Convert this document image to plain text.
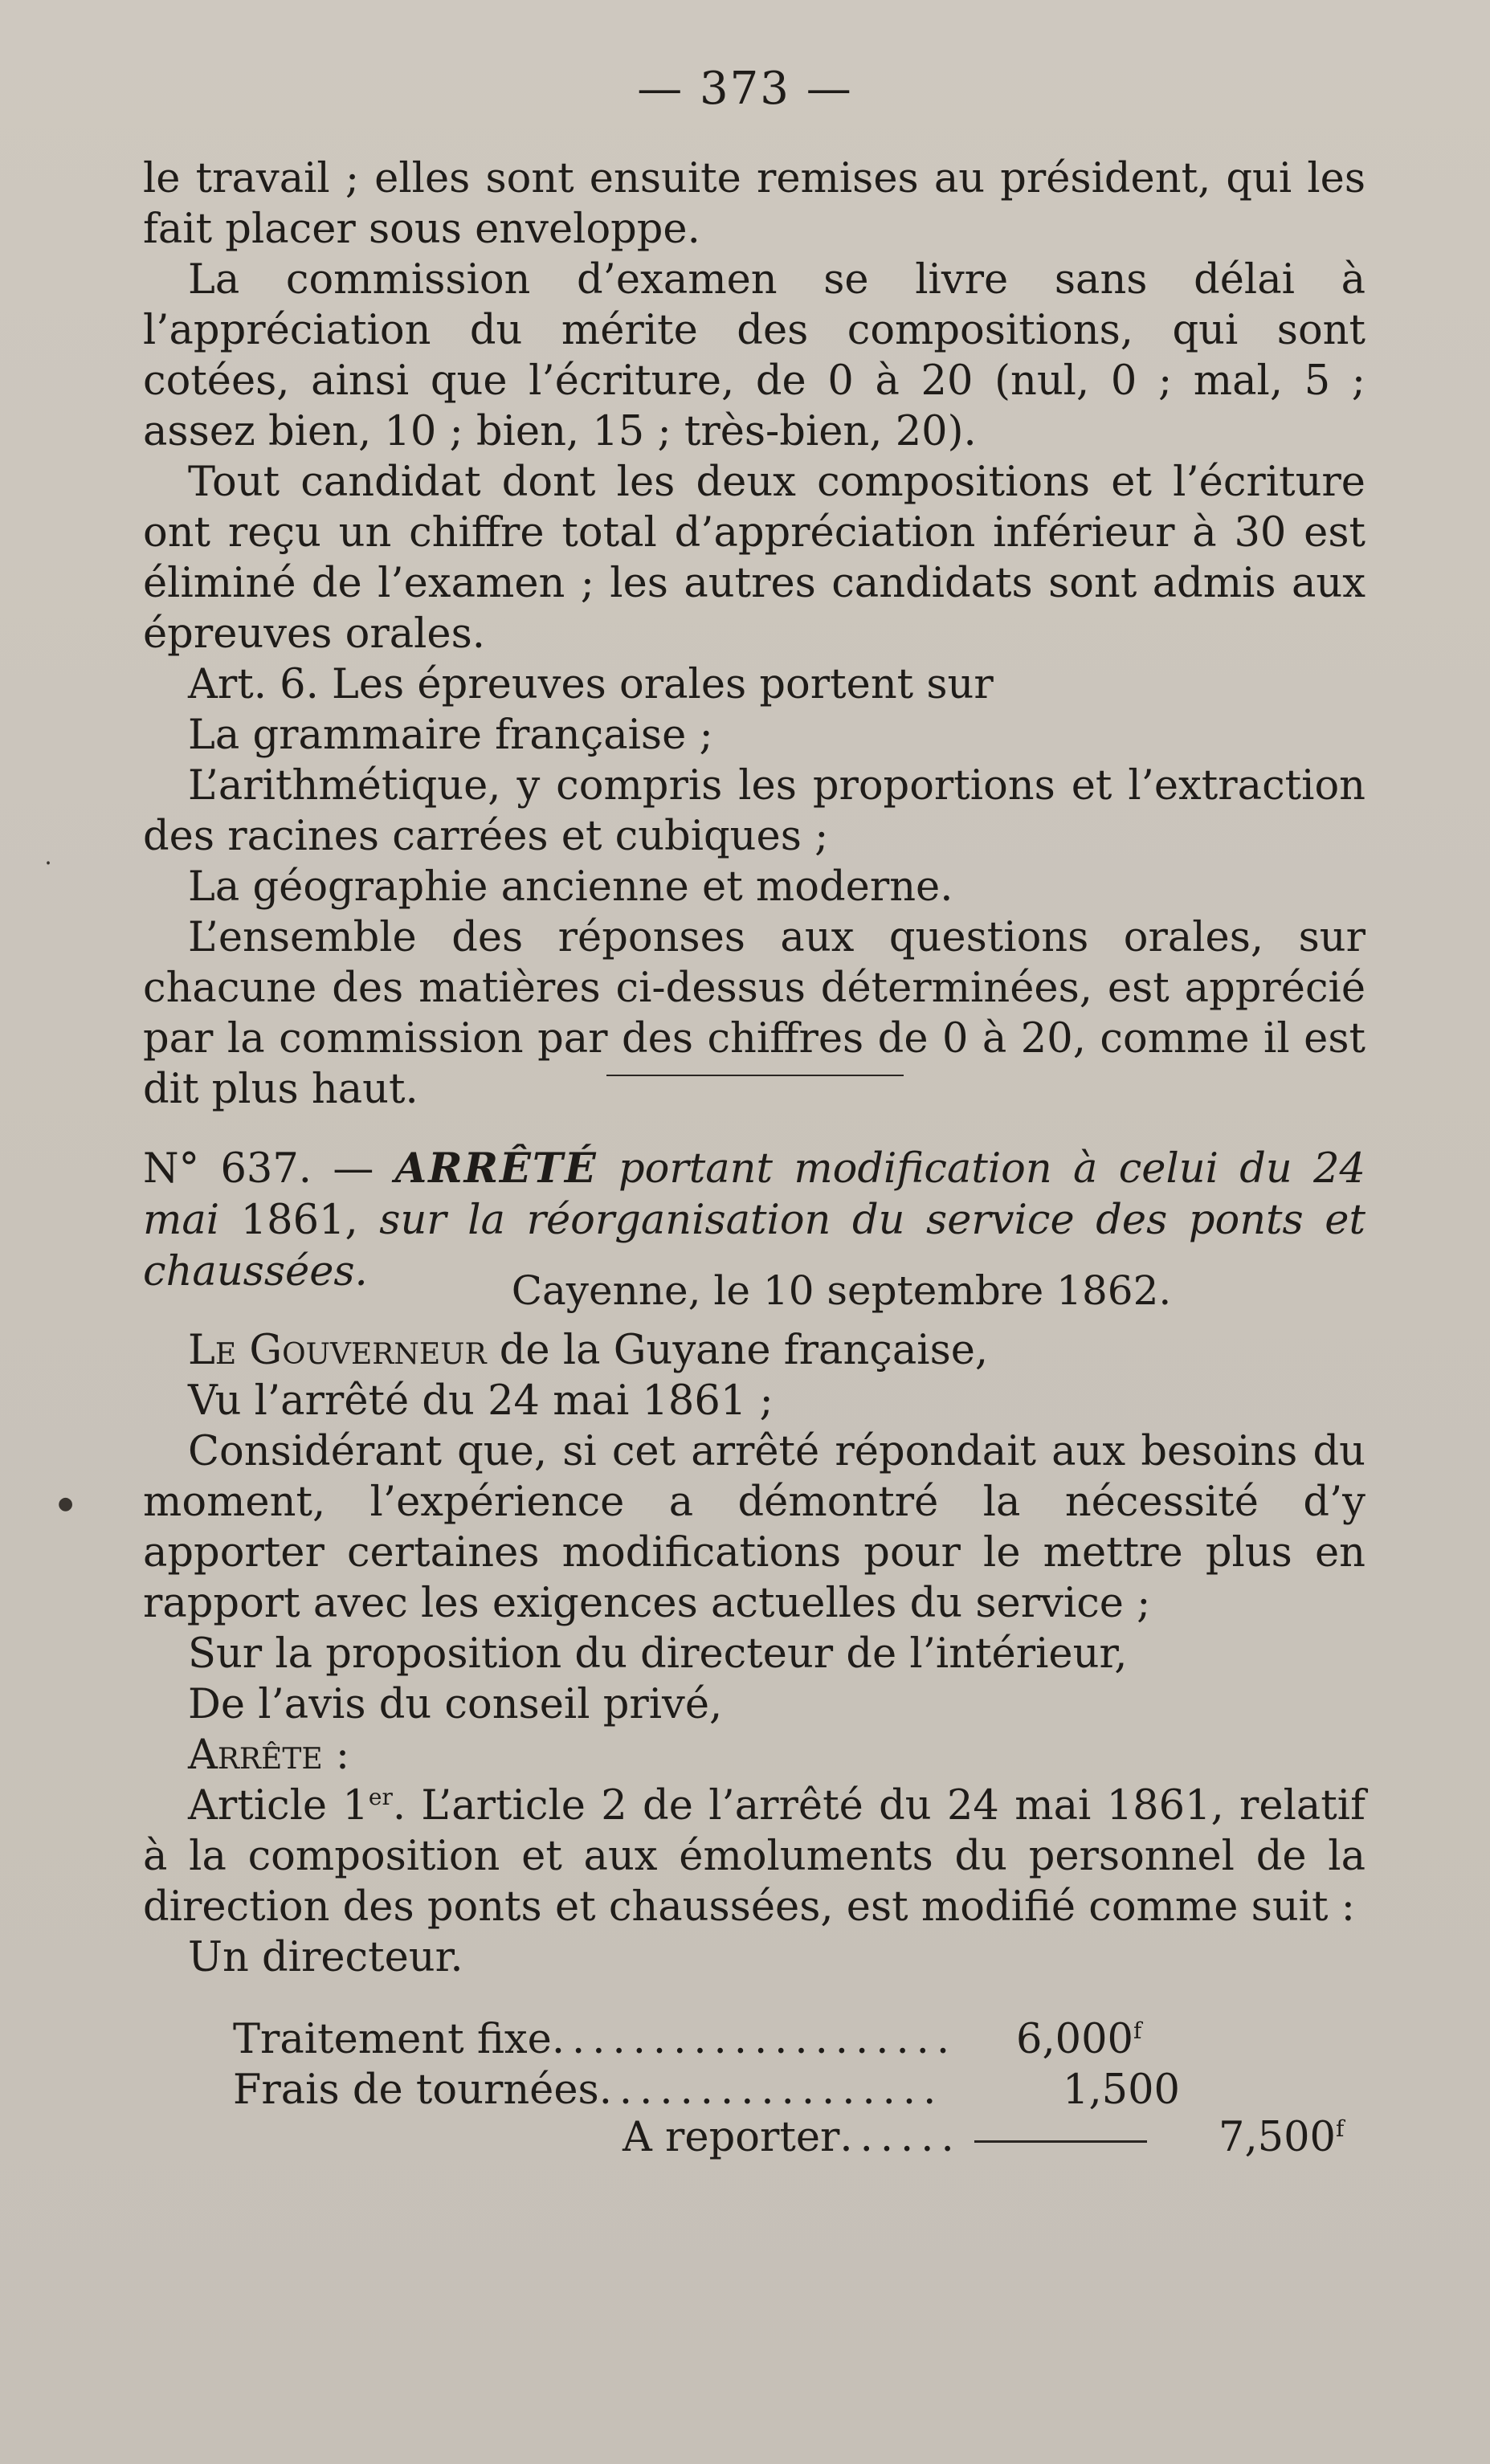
— 373 —

le travail ; elles sont ensuite remises au président, qui les fait placer sous enveloppe.

La commission d’examen se livre sans délai à l’appréciation du mérite des compositions, qui sont cotées, ainsi que l’écriture, de 0 à 20 (nul, 0 ; mal, 5 ; assez bien, 10 ; bien, 15 ; très-bien, 20).

Tout candidat dont les deux compositions et l’écriture ont reçu un chiffre total d’appréciation inférieur à 30 est éliminé de l’examen ; les autres candidats sont admis aux épreuves orales.

Art. 6. Les épreuves orales portent sur

La grammaire française ;

L’arithmétique, y compris les proportions et l’extraction des racines carrées et cubiques ;

La géographie ancienne et moderne.

L’ensemble des réponses aux questions orales, sur chacune des matières ci-dessus déterminées, est apprécié par la commission par des chiffres de 0 à 20, comme il est dit plus haut.

N° 637. — ARRÊTÉ portant modification à celui du 24 mai 1861, sur la réorganisation du service des ponts et chaussées.	Cayenne, le 10 septembre 1862.

Le Gouverneur de la Guyane française,

Vu l’arrêté du 24 mai 1861 ;

Considérant que, si cet arrêté répondait aux besoins du moment, l’expérience a démontré la nécessité d’y apporter certaines modifications pour le mettre plus en rapport avec les exigences actuelles du service ;

Sur la proposition du directeur de l’intérieur,

De l’avis du conseil privé,

Arrête :

Article 1er. L’article 2 de l’arrêté du 24 mai 1861, relatif à la composition et aux émoluments du personnel de la direction des ponts et chaussées, est modifié comme suit :

Un directeur.

Traitement fixe.................... 6,000$^f$
Frais de tournées.................	1,500
A reporter......	7,500$^f$
⸱
●
